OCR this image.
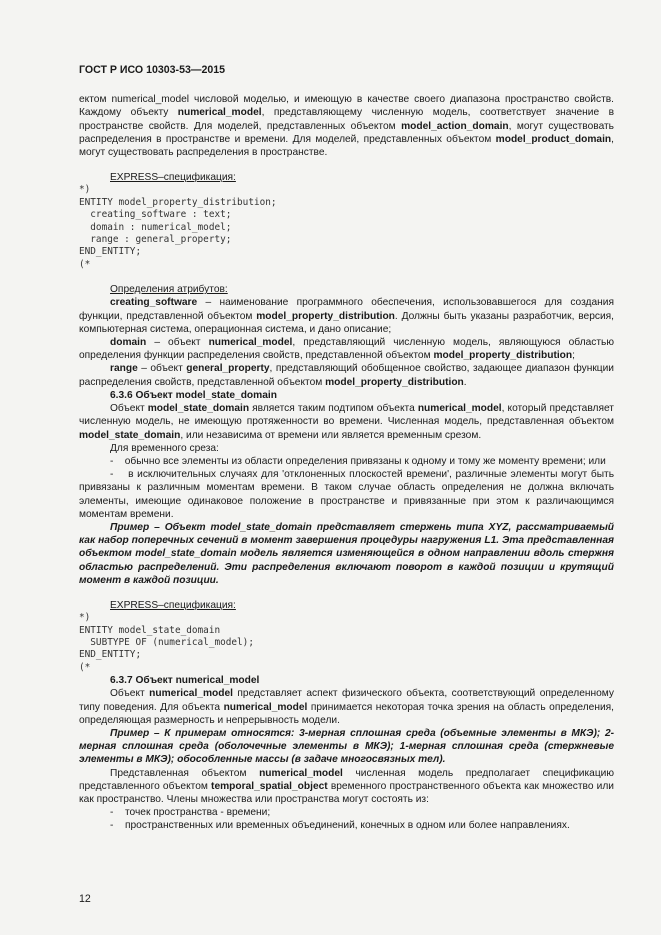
ГОСТ Р ИСО 10303-53—2015

ектом numerical_model числовой моделью, и имеющую в качестве своего диапазона пространство свойств. Каждому объекту numerical_model, представляющему численную модель, соответствует значение в пространстве свойств. Для моделей, представленных объектом model_action_domain, могут существовать распределения в пространстве и времени. Для моделей, представленных объектом model_product_domain, могут существовать распределения в пространстве.

EXPRESS–спецификация:

*)
ENTITY model_property_distribution;
creating_software : text;
domain : numerical_model;
range : general_property;
END_ENTITY;
(*

Определения атрибутов:

creating_software – наименование программного обеспечения, использовавшегося для создания функции, представленной объектом model_property_distribution. Должны быть указаны разработчик, версия, компьютерная система, операционная система, и дано описание;

domain – объект numerical_model, представляющий численную модель, являющуюся областью определения функции распределения свойств, представленной объектом model_property_distribution;

range – объект general_property, представляющий обобщенное свойство, задающее диапазон функции распределения свойств, представленной объектом model_property_distribution.

6.3.6 Объект model_state_domain

Объект model_state_domain является таким подтипом объекта numerical_model, который представляет численную модель, не имеющую протяженности во времени. Численная модель, представленная объектом model_state_domain, или независима от времени или является временным срезом.

Для временного среза:

-    обычно все элементы из области определения привязаны к одному и тому же моменту времени; или

-    в исключительных случаях для 'отклоненных плоскостей времени', различные элементы могут быть привязаны к различным моментам времени. В таком случае область определения не должна включать элементы, имеющие одинаковое положение в пространстве и привязанные при этом к различающимся моментам времени.

Пример – Объект model_state_domain представляет стержень типа XYZ, рассматриваемый как набор поперечных сечений в момент завершения процедуры нагружения L1. Эта представленная объектом model_state_domain модель является изменяющейся в одном направлении вдоль стержня областью распределений. Эти распределения включают поворот в каждой позиции и крутящий момент в каждой позиции.

EXPRESS–спецификация:

*)
ENTITY model_state_domain
SUBTYPE OF (numerical_model);
END_ENTITY;
(*

6.3.7 Объект numerical_model

Объект numerical_model представляет аспект физического объекта, соответствующий определенному типу поведения. Для объекта numerical_model принимается некоторая точка зрения на область определения, определяющая размерность и непрерывность модели.

Пример – К примерам относятся: 3-мерная сплошная среда (объемные элементы в МКЭ); 2-мерная сплошная среда (оболочечные элементы в МКЭ); 1-мерная сплошная среда (стержневые элементы в МКЭ); обособленные массы (в задаче многосвязных тел).

Представленная объектом numerical_model численная модель предполагает спецификацию представленного объектом temporal_spatial_object временного пространственного объекта как множество или как пространство. Члены множества или пространства могут состоять из:

-	точек пространства - времени;
-	пространственных или временных объединений, конечных в одном или более направлениях.
12
